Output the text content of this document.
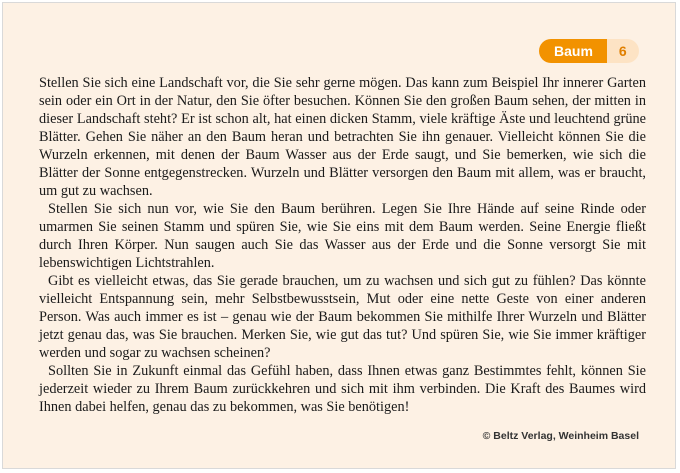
Baum	6

Stellen Sie sich eine Landschaft vor, die Sie sehr gerne mögen. Das kann zum Beispiel Ihr innerer Garten sein oder ein Ort in der Natur, den Sie öfter besuchen. Können Sie den großen Baum sehen, der mitten in dieser Landschaft steht? Er ist schon alt, hat einen dicken Stamm, viele kräftige Äste und leuchtend grüne Blätter. Gehen Sie näher an den Baum heran und betrachten Sie ihn genauer. Vielleicht können Sie die Wurzeln erkennen, mit denen der Baum Wasser aus der Erde saugt, und Sie bemerken, wie sich die Blätter der Sonne entgegenstrecken. Wurzeln und Blätter versorgen den Baum mit allem, was er braucht, um gut zu wachsen.

Stellen Sie sich nun vor, wie Sie den Baum berühren. Legen Sie Ihre Hände auf seine Rinde oder umarmen Sie seinen Stamm und spüren Sie, wie Sie eins mit dem Baum werden. Seine Energie fließt durch Ihren Körper. Nun saugen auch Sie das Wasser aus der Erde und die Sonne versorgt Sie mit lebenswichtigen Lichtstrahlen.

Gibt es vielleicht etwas, das Sie gerade brauchen, um zu wachsen und sich gut zu fühlen? Das könnte vielleicht Entspannung sein, mehr Selbstbewusstsein, Mut oder eine nette Geste von einer anderen Person. Was auch immer es ist – genau wie der Baum bekommen Sie mithilfe Ihrer Wurzeln und Blätter jetzt genau das, was Sie brauchen. Merken Sie, wie gut das tut? Und spüren Sie, wie Sie immer kräftiger werden und sogar zu wachsen scheinen?

Sollten Sie in Zukunft einmal das Gefühl haben, dass Ihnen etwas ganz Bestimmtes fehlt, können Sie jederzeit wieder zu Ihrem Baum zurückkehren und sich mit ihm verbinden. Die Kraft des Baumes wird Ihnen dabei helfen, genau das zu bekommen, was Sie benötigen!

© Beltz Verlag, Weinheim Basel
